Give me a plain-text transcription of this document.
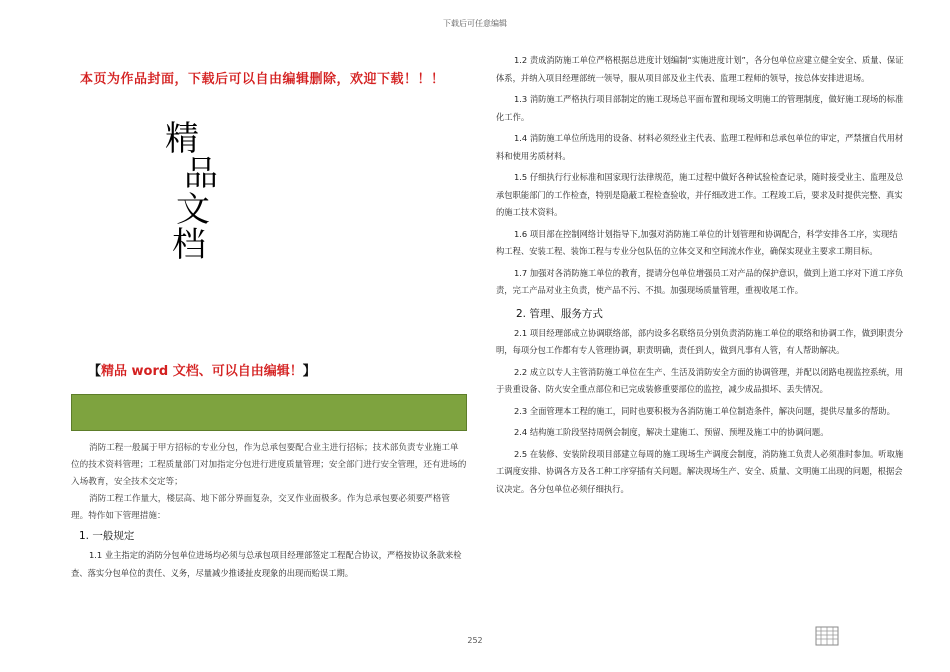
下载后可任意编辑
本页为作品封面，下载后可以自由编辑删除，欢迎下载！！！
精
品
文
档
【精品 word 文档、可以自由编辑！】

消防工程一般属于甲方招标的专业分包，作为总承包要配合业主进行招标；技术部负责专业施工单位的技术资料管理；工程质量部门对加指定分包进行进度质量管理；安全部门进行安全管理，还有进场的入场教育，安全技术交定等；

消防工程工作量大，楼层高、地下部分界面复杂，交叉作业面极多。作为总承包要必须要严格管理。特作如下管理措施：

1. 一般规定

1.1 业主指定的消防分包单位进场均必须与总承包项目经理部签定工程配合协议，严格按协议条款来检查、落实分包单位的责任、义务，尽量减少推诿扯皮现象的出现而贻误工期。

1.2 责成消防施工单位严格根据总进度计划编制“实施进度计划”，各分包单位应建立健全安全、质量、保证体系，并纳入项目经理部统一领导，服从项目部及业主代表、监理工程师的领导，按总体安排进退场。

1.3 消防施工严格执行项目部制定的施工现场总平面布置和现场文明施工的管理制度，做好施工现场的标准化工作。

1.4 消防施工单位所选用的设备、材料必须经业主代表、监理工程师和总承包单位的审定，严禁擅自代用材料和使用劣质材料。

1.5 仔细执行行业标准和国家现行法律规范，施工过程中做好各种试验检查记录，随时接受业主、监理及总承包职能部门的工作检查，特别是隐蔽工程检查验收，并仔细改进工作。工程竣工后，要求及时提供完整、真实的施工技术资料。

1.6 项目部在控制网络计划指导下,加强对消防施工单位的计划管理和协调配合，科学安排各工序，实现结构工程、安装工程、装饰工程与专业分包队伍的立体交叉和空间流水作业，确保实现业主要求工期目标。

1.7 加强对各消防施工单位的教育，提请分包单位增强员工对产品的保护意识，做到上道工序对下道工序负责，完工产品对业主负责，使产品不污、不损。加强现场质量管理，重视收尾工作。

2. 管理、服务方式

2.1 项目经理部成立协调联络部，部内设多名联络员分别负责消防施工单位的联络和协调工作，做到职责分明，每项分包工作都有专人管理协调，职责明确，责任到人，做到凡事有人管，有人帮助解决。

2.2 成立以专人主管消防施工单位在生产、生活及消防安全方面的协调管理，并配以闭路电视监控系统，用于贵重设备、防火安全重点部位和已完成装修重要部位的监控，减少成品损坏、丢失情况。

2.3 全面管理本工程的施工，同时也要积极为各消防施工单位制造条件，解决问题，提供尽量多的帮助。

2.4 结构施工阶段坚持周例会制度，解决土建施工、预留、预埋及施工中的协调问题。

2.5 在装修、安装阶段项目部建立每周的施工现场生产调度会制度，消防施工负责人必须准时参加。听取施工调度安排、协调各方及各工种工序穿插有关问题。解决现场生产、安全、质量、文明施工出现的问题，根据会议决定。各分包单位必须仔细执行。

252
